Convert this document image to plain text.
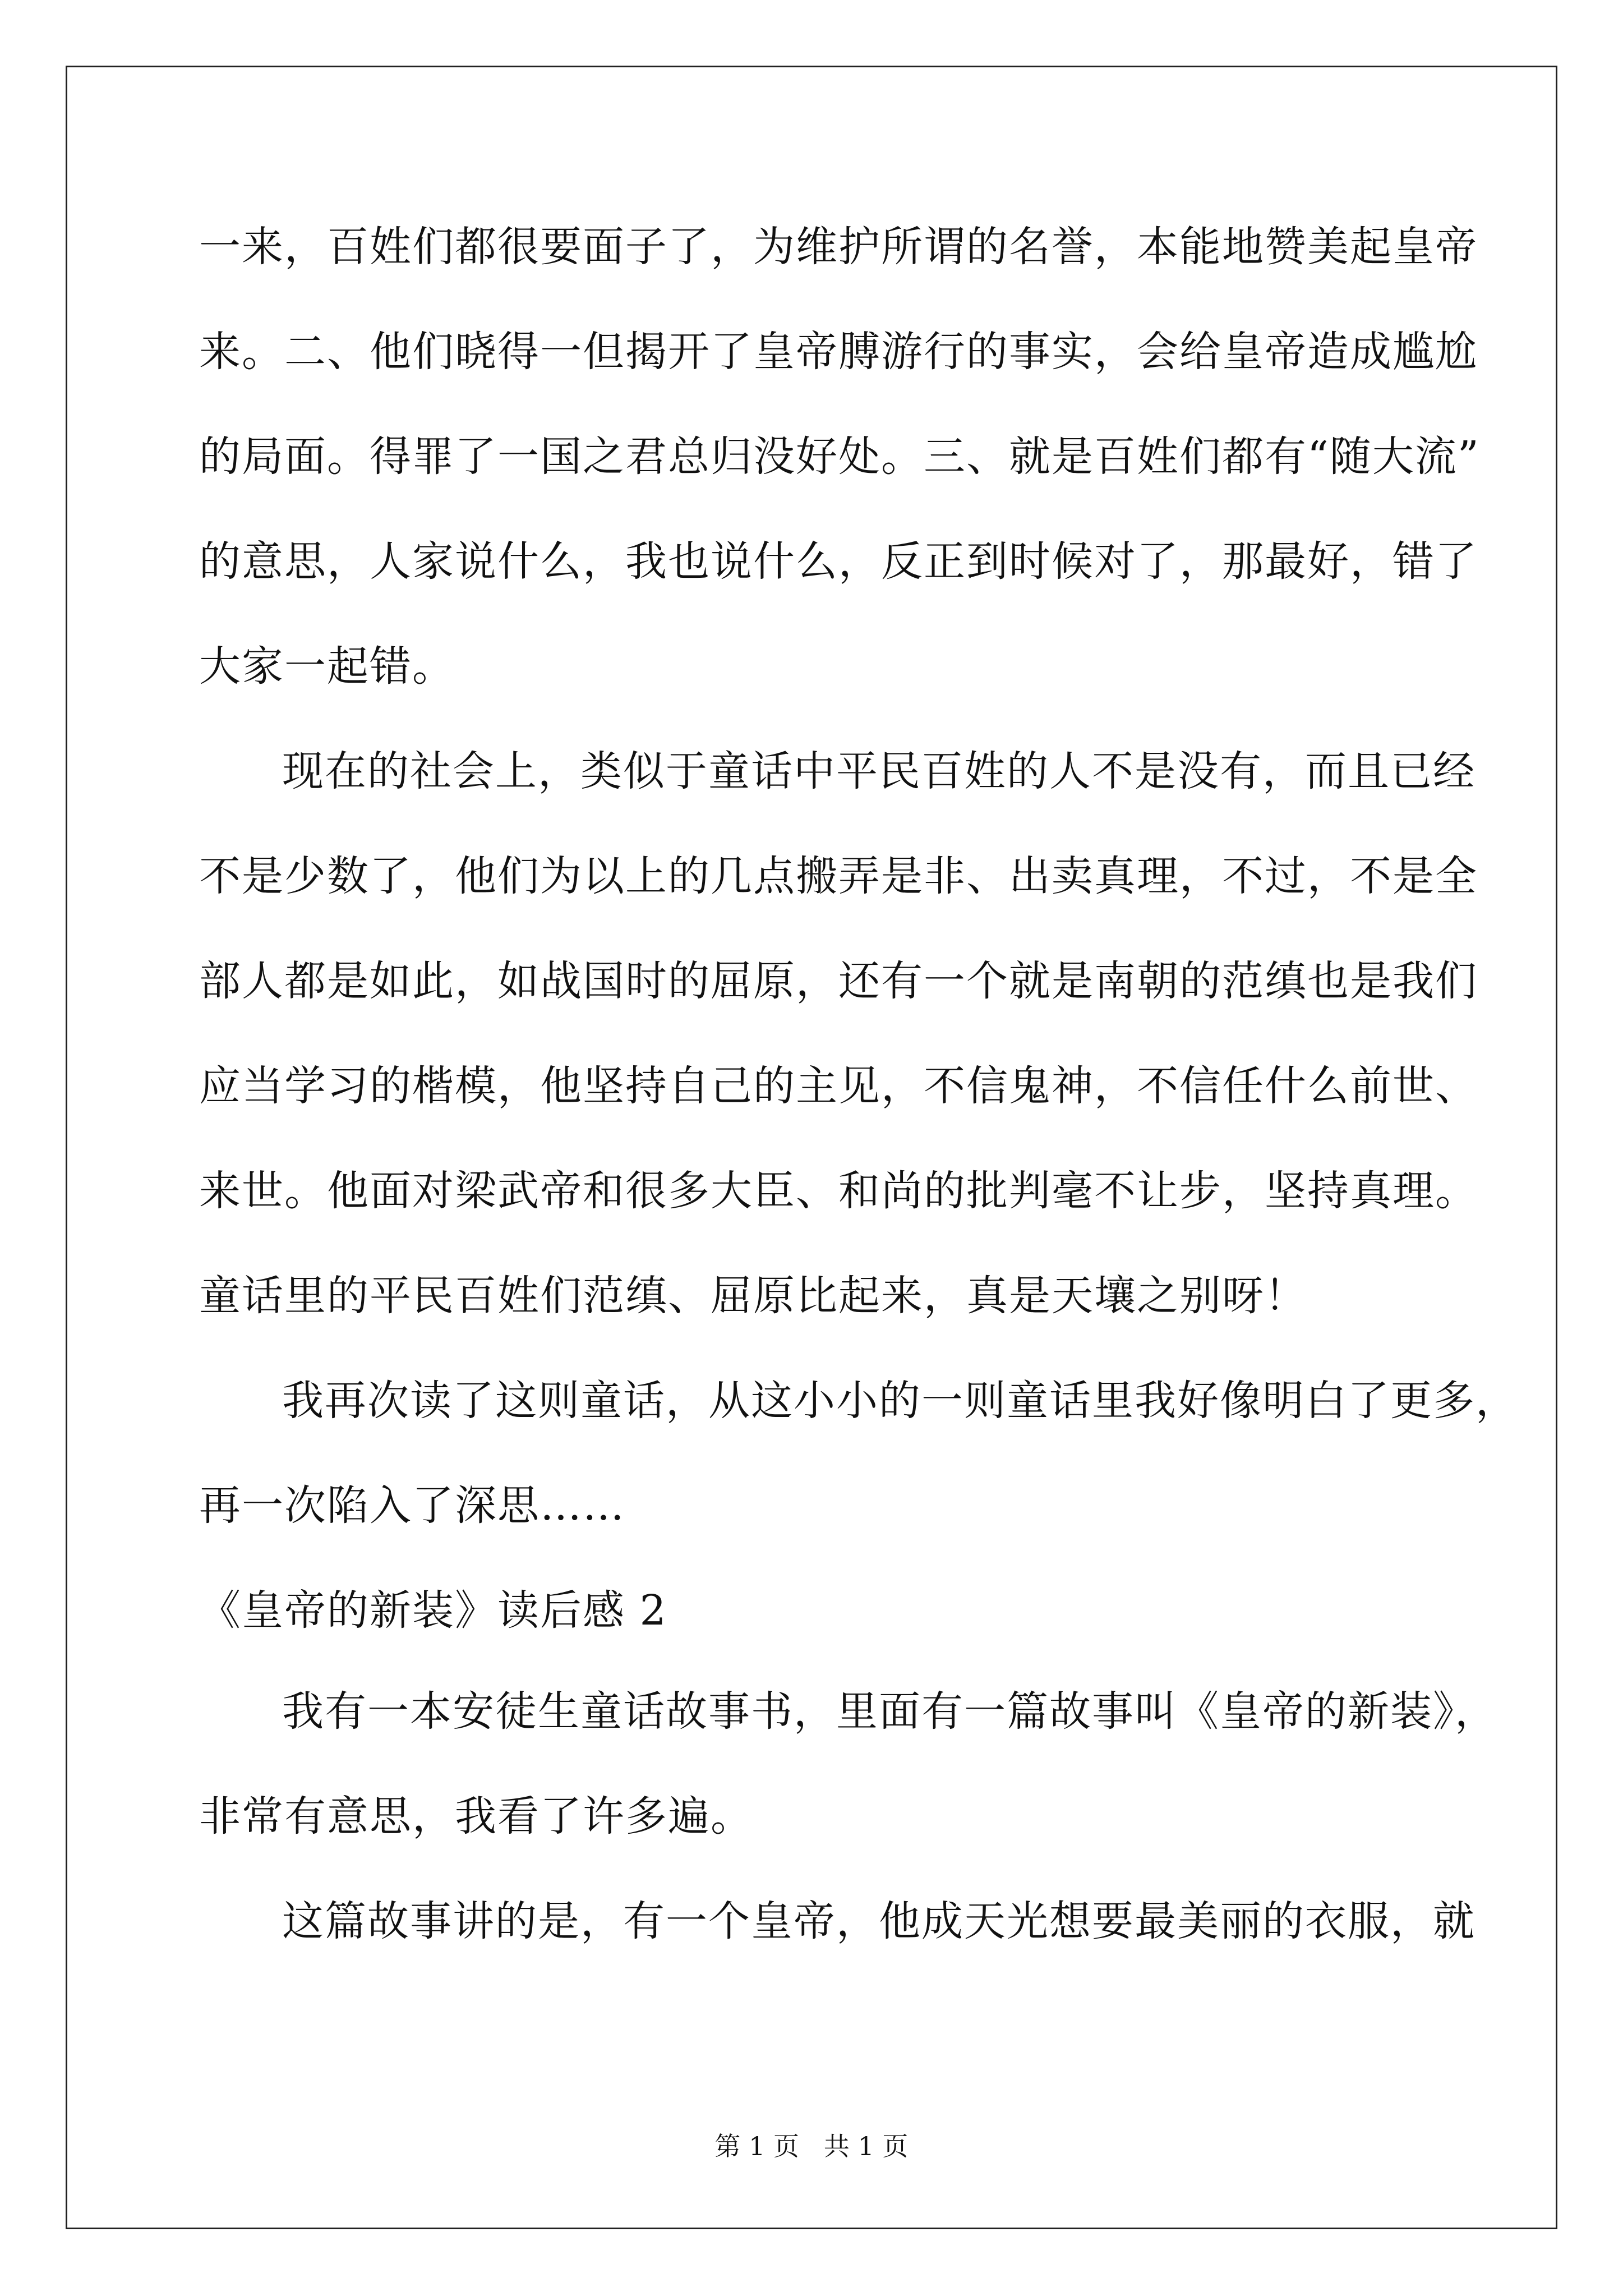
一来，百姓们都很要面子了，为维护所谓的名誉，本能地赞美起皇帝
来。二、他们晓得一但揭开了皇帝膊游行的事实，会给皇帝造成尴尬
的局面。得罪了一国之君总归没好处。三、就是百姓们都有“随大流”
的意思，人家说什么，我也说什么，反正到时候对了，那最好，错了
大家一起错。
现在的社会上，类似于童话中平民百姓的人不是没有，而且已经
不是少数了，他们为以上的几点搬弄是非、出卖真理，不过，不是全
部人都是如此，如战国时的屈原，还有一个就是南朝的范缜也是我们
应当学习的楷模，他坚持自己的主见，不信鬼神，不信任什么前世、
来世。他面对梁武帝和很多大臣、和尚的批判毫不让步，坚持真理。
童话里的平民百姓们范缜、屈原比起来，真是天壤之别呀！
我再次读了这则童话，从这小小的一则童话里我好像明白了更多，
再一次陷入了深思……
《皇帝的新装》读后感 2
我有一本安徒生童话故事书，里面有一篇故事叫《皇帝的新装》，
非常有意思，我看了许多遍。
这篇故事讲的是，有一个皇帝，他成天光想要最美丽的衣服，就
第 1 页   共 1 页
